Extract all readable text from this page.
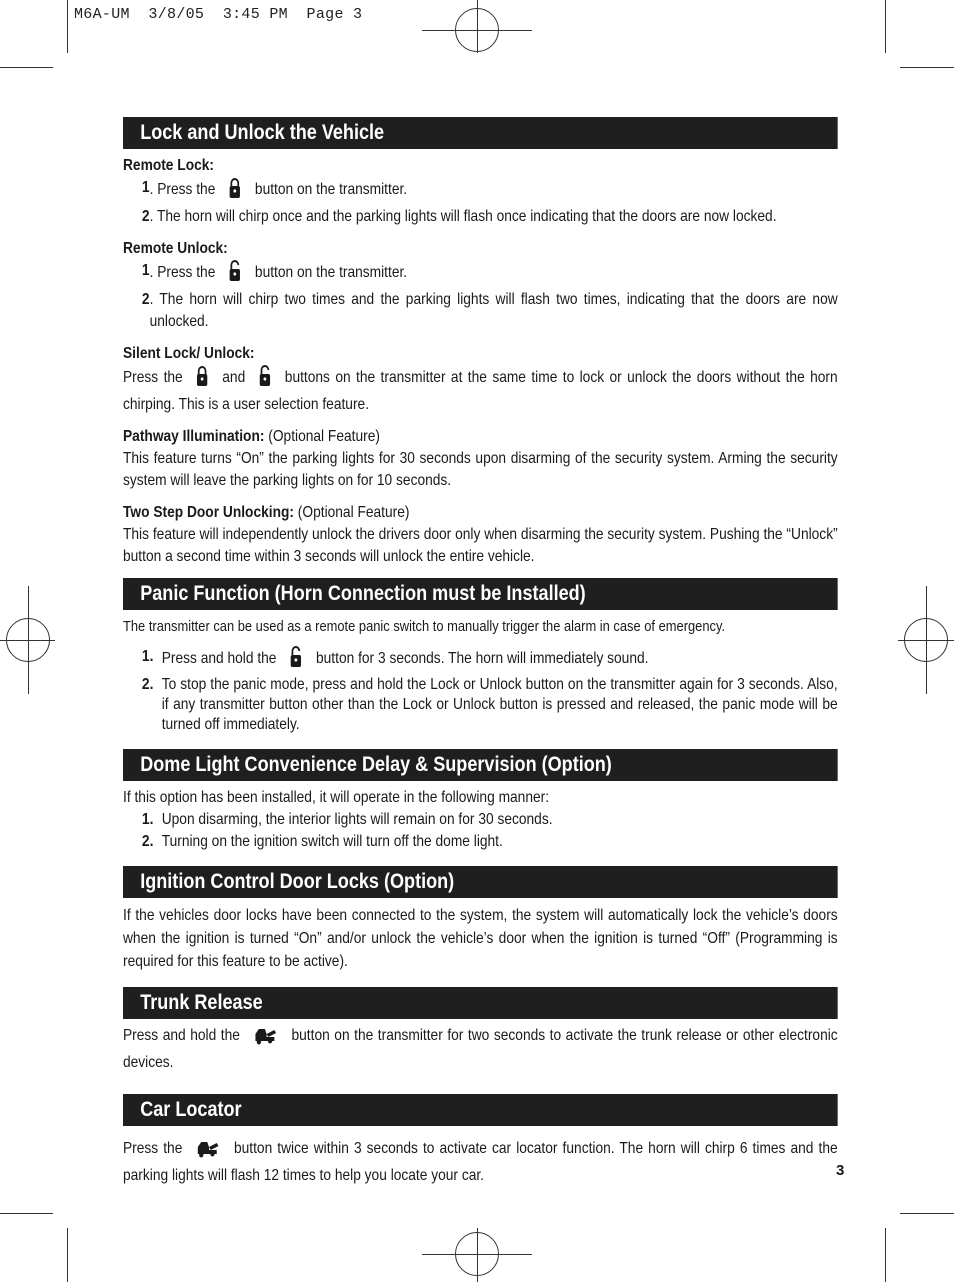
M6A-UM  3/8/05  3:45 PM  Page 3
Lock and Unlock the Vehicle
Remote Lock:
1 . Press the button on the transmitter.
2 . The horn will chirp once and the parking lights will flash once indicating that the doors are now locked.
Remote Unlock:
1 . Press the button on the transmitter.
2 . The horn will chirp two times and the parking lights will flash two times, indicating that the doors are now unlocked.
Silent Lock/ Unlock:

Press the and buttons on the transmitter at the same time to lock or unlock the doors without the horn chirping. This is a user selection feature.

Pathway Illumination: (Optional Feature)

This feature turns “On” the parking lights for 30 seconds upon disarming of the security system. Arming the security system will leave the parking lights on for 10 seconds.

Two Step Door Unlocking: (Optional Feature)

This feature will independently unlock the drivers door only when disarming the security system. Pushing the “Unlock” button a second time within 3 seconds will unlock the entire vehicle.

Panic Function (Horn Connection must be Installed)

The transmitter can be used as a remote panic switch to manually trigger the alarm in case of emergency.

1. Press and hold the button for 3 seconds. The horn will immediately sound.
2. To stop the panic mode, press and hold the Lock or Unlock button on the transmitter again for 3 seconds. Also, if any transmitter button other than the Lock or Unlock button is pressed and released, the panic mode will be turned off immediately.
Dome Light Convenience Delay & Supervision (Option)

If this option has been installed, it will operate in the following manner:

1. Upon disarming, the interior lights will remain on for 30 seconds.
2. Turning on the ignition switch will turn off the dome light.
Ignition Control Door Locks (Option)

If the vehicles door locks have been connected to the system, the system will automatically lock the vehicle’s doors when the ignition is turned “On” and/or unlock the vehicle’s door when the ignition is turned “Off” (Programming is required for this feature to be active).

Trunk Release

Press and hold the	button on the transmitter for two seconds to activate the trunk release or other electronic devices.

Car Locator

Press the	button twice within 3 seconds to activate car locator function. The horn will chirp 6 times and the parking lights will flash 12 times to help you locate your car.	3
